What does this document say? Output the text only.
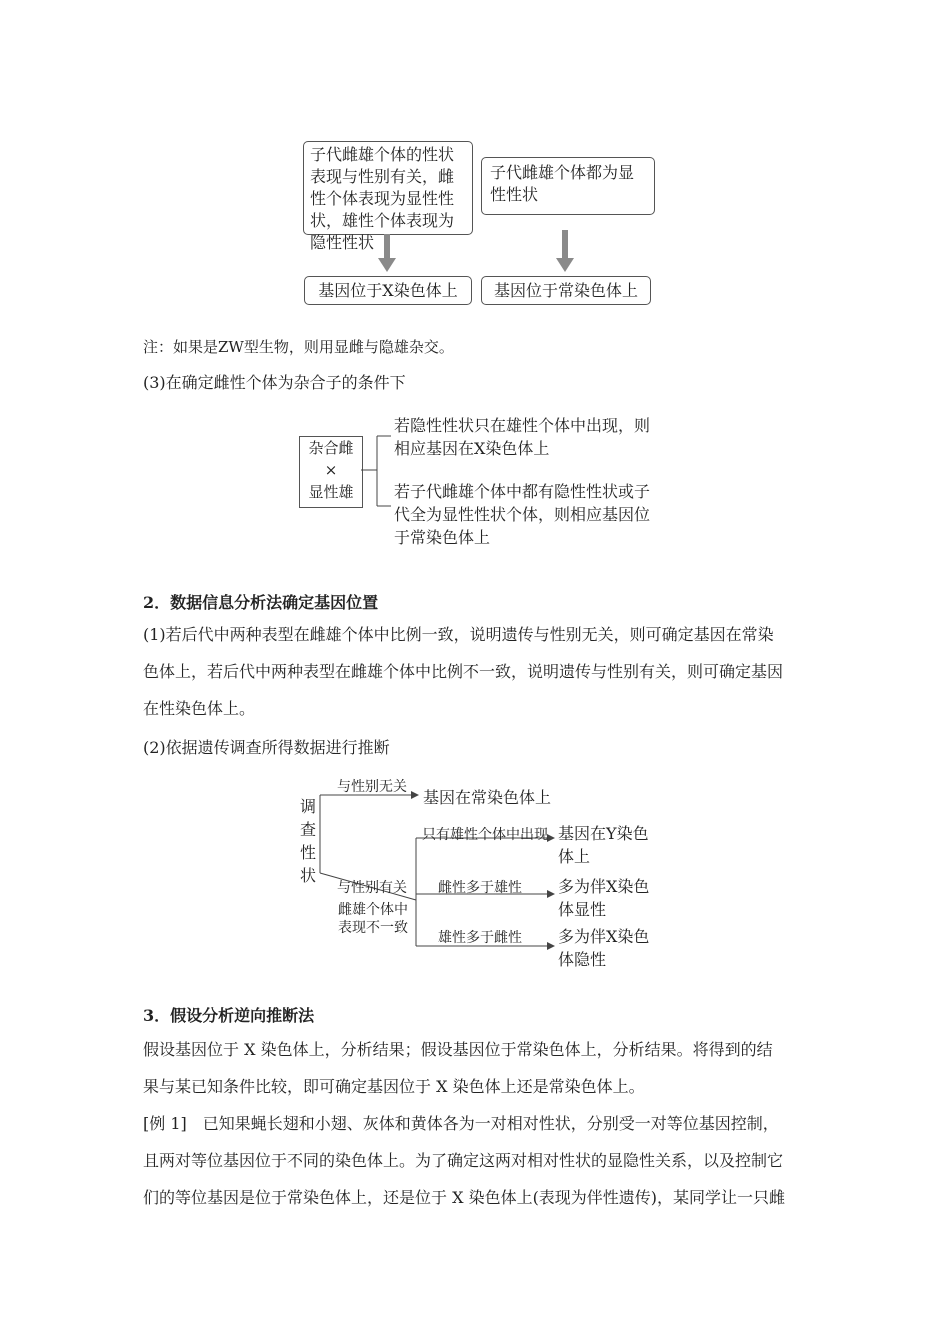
子代雌雄个体的性状表现与性别有关，雌性个体表现为显性性状，雄性个体表现为隐性性状
子代雌雄个体都为显性性状
基因位于X染色体上	基因位于常染色体上
注：如果是ZW型生物，则用显雌与隐雄杂交。
(3)在确定雌性个体为杂合子的条件下
杂合雌
×
显性雄
若隐性性状只在雄性个体中出现，则
相应基因在X染色体上
若子代雌雄个体中都有隐性性状或子
代全为显性性状个体，则相应基因位
于常染色体上
2．数据信息分析法确定基因位置
(1)若后代中两种表型在雌雄个体中比例一致，说明遗传与性别无关，则可确定基因在常染
色体上，若后代中两种表型在雌雄个体中比例不一致，说明遗传与性别有关，则可确定基因
在性染色体上。
(2)依据遗传调查所得数据进行推断
调
查
性
状
与性别无关
基因在常染色体上
与性别有关
雌雄个体中
表现不一致
只有雄性个体中出现 基因在Y染色
体上
雌性多于雄性 多为伴X染色
体显性
雄性多于雌性 多为伴X染色
体隐性
3．假设分析逆向推断法
假设基因位于 X 染色体上，分析结果；假设基因位于常染色体上，分析结果。将得到的结
果与某已知条件比较，即可确定基因位于 X 染色体上还是常染色体上。
[例 1] 已知果蝇长翅和小翅、灰体和黄体各为一对相对性状，分别受一对等位基因控制，
且两对等位基因位于不同的染色体上。为了确定这两对相对性状的显隐性关系，以及控制它
们的等位基因是位于常染色体上，还是位于 X 染色体上(表现为伴性遗传)，某同学让一只雌
